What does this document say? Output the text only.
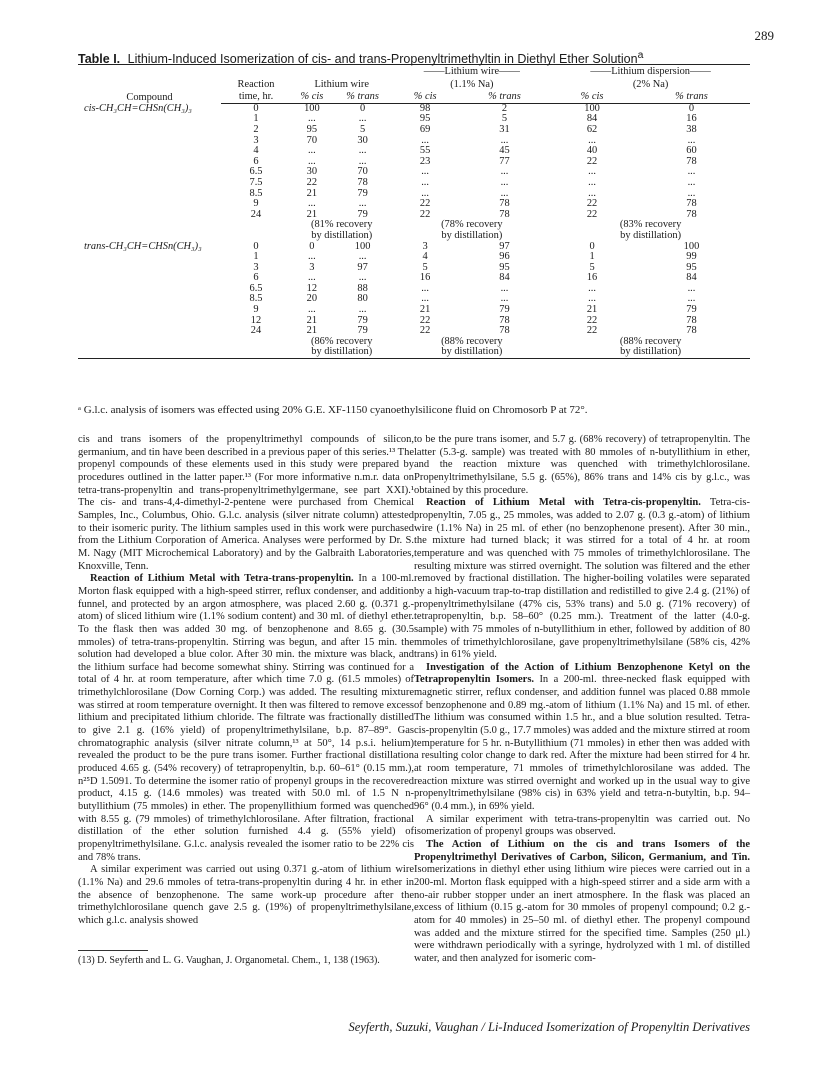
289
Table I. Lithium-Induced Isomerization of cis- and trans-Propenyltrimethyltin in Diethyl Ether Solution$^a$
Compound	Reaction			——Lithium wire——		——Lithium dispersion——	
		Lithium wire		(1.1% Na)		(2% Na)	
	time, hr.	% cis	% trans	% cis	% trans	% cis	% trans
cis-CH₃CH=CHSn(CH₃)₃	0	100	0	98	2	100	0
	1	...	...	95	5	84	16
	2	95	5	69	31	62	38
	3	70	30	...	...	...	...
	4	...	...	55	45	40	60
	6	...	...	23	77	22	78
	6.5	30	70	...	...	...	...
	7.5	22	78	...	...	...	...
	8.5	21	79	...	...	...	...
	9	...	...	22	78	22	78
	24	21	79	22	78	22	78
		(81% recovery		(78% recovery		(83% recovery	
		by distillation)		by distillation)		by distillation)	
trans-CH₃CH=CHSn(CH₃)₃	0	0	100	3	97	0	100
	1	...	...	4	96	1	99
	3	3	97	5	95	5	95
	6	...	...	16	84	16	84
	6.5	12	88	...	...	...	...
	8.5	20	80	...	...	...	...
	9	...	...	21	79	21	79
	12	21	79	22	78	22	78
	24	21	79	22	78	22	78
		(86% recovery		(88% recovery		(88% recovery	
		by distillation)		by distillation)		by distillation)	
ᵃ G.l.c. analysis of isomers was effected using 20% G.E. XF-1150 cyanoethylsilicone fluid on Chromosorb P at 72°.

cis and trans isomers of the propenyltrimethyl compounds of silicon, germanium, and tin have been described in a previous paper of this series.¹³ The propenyl compounds of these elements used in this study were prepared by procedures outlined in the latter paper.¹³ (For more informative n.m.r. data on tetra-trans-propenyltin and trans-propenyltrimethylgermane, see part XXI).¹ The cis- and trans-4,4-dimethyl-2-pentene were purchased from Chemical Samples, Inc., Columbus, Ohio. G.l.c. analysis (silver nitrate column) attested to their isomeric purity. The lithium samples used in this work were purchased from the Lithium Corporation of America. Analyses were performed by Dr. S. M. Nagy (MIT Microchemical Laboratory) and by the Galbraith Laboratories, Knoxville, Tenn.

Reaction of Lithium Metal with Tetra-trans-propenyltin. In a 100-ml. Morton flask equipped with a high-speed stirrer, reflux condenser, and addition funnel, and protected by an argon atmosphere, was placed 2.60 g. (0.371 g.-atom) of sliced lithium wire (1.1% sodium content) and 30 ml. of diethyl ether. To the flask then was added 30 mg. of benzophenone and 8.65 g. (30.5 mmoles) of tetra-trans-propenyltin. Stirring was begun, and after 15 min. the solution had developed a blue color. After 30 min. the mixture was black, and the lithium surface had become somewhat shiny. Stirring was continued for a total of 4 hr. at room temperature, after which time 7.0 g. (61.5 mmoles) of trimethylchlorosilane (Dow Corning Corp.) was added. The resulting mixture was stirred at room temperature overnight. It then was filtered to remove excess lithium and precipitated lithium chloride. The filtrate was fractionally distilled to give 2.1 g. (16% yield) of propenyltrimethylsilane, b.p. 87–89°. Gas chromatographic analysis (silver nitrate column,¹³ at 50°, 14 p.s.i. helium) revealed the product to be the pure trans isomer. Further fractional distillation produced 4.65 g. (54% recovery) of tetrapropenyltin, b.p. 60–61° (0.15 mm.), n²⁵D 1.5091. To determine the isomer ratio of propenyl groups in the recovered product, 4.15 g. (14.6 mmoles) was treated with 50.0 ml. of 1.5 N n-butyllithium (75 mmoles) in ether. The propenyllithium formed was quenched with 8.55 g. (79 mmoles) of trimethylchlorosilane. After filtration, fractional distillation of the ether solution furnished 4.4 g. (55% yield) of propenyltrimethylsilane. G.l.c. analysis revealed the isomer ratio to be 22% cis and 78% trans.

A similar experiment was carried out using 0.371 g.-atom of lithium wire (1.1% Na) and 29.6 mmoles of tetra-trans-propenyltin during 4 hr. in ether in the absence of benzophenone. The same work-up procedure after the trimethylchlorosilane quench gave 2.5 g. (19%) of propenyltrimethylsilane, which g.l.c. analysis showed

(13) D. Seyferth and L. G. Vaughan, J. Organometal. Chem., 1, 138 (1963).

to be the pure trans isomer, and 5.7 g. (68% recovery) of tetrapropenyltin. The latter (5.3-g. sample) was treated with 80 mmoles of n-butyllithium in ether, and the reaction mixture was quenched with trimethylchlorosilane. Propenyltrimethylsilane, 5.5 g. (65%), 86% trans and 14% cis by g.l.c., was obtained by this procedure.

Reaction of Lithium Metal with Tetra-cis-propenyltin. Tetra-cis-propenyltin, 7.05 g., 25 mmoles, was added to 2.07 g. (0.3 g.-atom) of lithium wire (1.1% Na) in 25 ml. of ether (no benzophenone present). After 30 min., the mixture had turned black; it was stirred for a total of 4 hr. at room temperature and was quenched with 75 mmoles of trimethylchlorosilane. The resulting mixture was stirred overnight. The solution was filtered and the ether removed by fractional distillation. The higher-boiling volatiles were separated by a high-vacuum trap-to-trap distillation and redistilled to give 2.4 g. (21%) of propenyltrimethylsilane (47% cis, 53% trans) and 5.0 g. (71% recovery) of tetrapropenyltin, b.p. 58–60° (0.25 mm.). Treatment of the latter (4.0-g. sample) with 75 mmoles of n-butyllithium in ether, followed by addition of 80 mmoles of trimethylchlorosilane, gave propenyltrimethylsilane (58% cis, 42% trans) in 61% yield.

Investigation of the Action of Lithium Benzophenone Ketyl on the Tetrapropenyltin Isomers. In a 200-ml. three-necked flask equipped with magnetic stirrer, reflux condenser, and addition funnel was placed 0.88 mmole of benzophenone and 0.89 mg.-atom of lithium (1.1% Na) and 15 ml. of ether. The lithium was consumed within 1.5 hr., and a blue solution resulted. Tetra-cis-propenyltin (5.0 g., 17.7 mmoles) was added and the mixture stirred at room temperature for 5 hr. n-Butyllithium (71 mmoles) in ether then was added with a resulting color change to dark red. After the mixture had been stirred for 4 hr. at room temperature, 71 mmoles of trimethylchlorosilane was added. The reaction mixture was stirred overnight and worked up in the usual way to give propenyltrimethylsilane (98% cis) in 63% yield and tetra-n-butyltin, b.p. 94–96° (0.4 mm.), in 69% yield.

A similar experiment with tetra-trans-propenyltin was carried out. No isomerization of propenyl groups was observed.

The Action of Lithium on the cis and trans Isomers of the Propenyltrimethyl Derivatives of Carbon, Silicon, Germanium, and Tin. Isomerizations in diethyl ether using lithium wire pieces were carried out in a 200-ml. Morton flask equipped with a high-speed stirrer and a side arm with a no-air rubber stopper under an inert atmosphere. In the flask was placed an excess of lithium (0.15 g.-atom for 30 mmoles of propenyl compound; 0.2 g.-atom for 40 mmoles) in 25–50 ml. of diethyl ether. The propenyl compound was added and the mixture stirred for the specified time. Samples (250 μl.) were withdrawn periodically with a syringe, hydrolyzed with 1 ml. of distilled water, and then analyzed for isomeric com-

Seyferth, Suzuki, Vaughan / Li-Induced Isomerization of Propenyltin Derivatives
